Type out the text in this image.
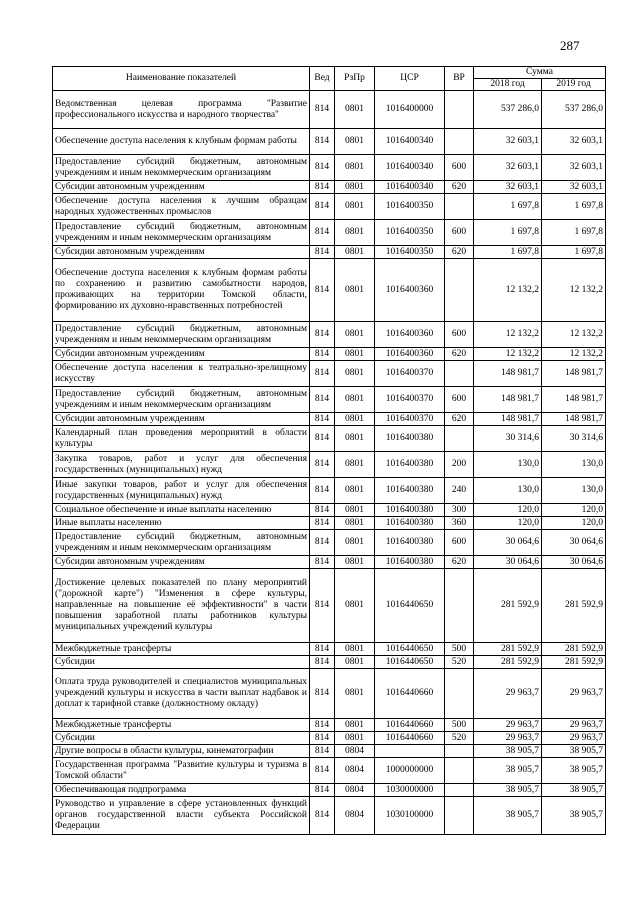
287
Наименование показателей	Вед	РзПр	ЦСР	ВР	Сумма	
					2018 год	2019 год
Ведомственная целевая программа "Развитие профессионального искусства и народного творчества"	814	0801	1016400000		537 286,0	537 286,0
Обеспечение доступа населения к клубным формам работы	814	0801	1016400340		32 603,1	32 603,1
Предоставление субсидий бюджетным, автономным учреждениям и иным некоммерческим организациям	814	0801	1016400340	600	32 603,1	32 603,1
Субсидии автономным учреждениям	814	0801	1016400340	620	32 603,1	32 603,1
Обеспечение доступа населения к лучшим образцам народных художественных промыслов	814	0801	1016400350		1 697,8	1 697,8
Предоставление субсидий бюджетным, автономным учреждениям и иным некоммерческим организациям	814	0801	1016400350	600	1 697,8	1 697,8
Субсидии автономным учреждениям	814	0801	1016400350	620	1 697,8	1 697,8
Обеспечение доступа населения к клубным формам работы по сохранению и развитию самобытности народов, проживающих на территории Томской области, формированию их духовно-нравственных потребностей	814	0801	1016400360		12 132,2	12 132,2
Предоставление субсидий бюджетным, автономным учреждениям и иным некоммерческим организациям	814	0801	1016400360	600	12 132,2	12 132,2
Субсидии автономным учреждениям	814	0801	1016400360	620	12 132,2	12 132,2
Обеспечение доступа населения к театрально-зрелищному искусству	814	0801	1016400370		148 981,7	148 981,7
Предоставление субсидий бюджетным, автономным учреждениям и иным некоммерческим организациям	814	0801	1016400370	600	148 981,7	148 981,7
Субсидии автономным учреждениям	814	0801	1016400370	620	148 981,7	148 981,7
Календарный план проведения мероприятий в области культуры	814	0801	1016400380		30 314,6	30 314,6
Закупка товаров, работ и услуг для обеспечения государственных (муниципальных) нужд	814	0801	1016400380	200	130,0	130,0
Иные закупки товаров, работ и услуг для обеспечения государственных (муниципальных) нужд	814	0801	1016400380	240	130,0	130,0
Социальное обеспечение и иные выплаты населению	814	0801	1016400380	300	120,0	120,0
Иные выплаты населению	814	0801	1016400380	360	120,0	120,0
Предоставление субсидий бюджетным, автономным учреждениям и иным некоммерческим организациям	814	0801	1016400380	600	30 064,6	30 064,6
Субсидии автономным учреждениям	814	0801	1016400380	620	30 064,6	30 064,6
Достижение целевых показателей по плану мероприятий ("дорожной карте") "Изменения в сфере культуры, направленные на повышение её эффективности" в части повышения заработной платы работников культуры муниципальных учреждений культуры	814	0801	1016440650		281 592,9	281 592,9
Межбюджетные трансферты	814	0801	1016440650	500	281 592,9	281 592,9
Субсидии	814	0801	1016440650	520	281 592,9	281 592,9
Оплата труда руководителей и специалистов муниципальных учреждений культуры и искусства в части выплат надбавок и доплат к тарифной ставке (должностному окладу)	814	0801	1016440660		29 963,7	29 963,7
Межбюджетные трансферты	814	0801	1016440660	500	29 963,7	29 963,7
Субсидии	814	0801	1016440660	520	29 963,7	29 963,7
Другие вопросы в области культуры, кинематографии	814	0804			38 905,7	38 905,7
Государственная программа "Развитие культуры и туризма в Томской области"	814	0804	1000000000		38 905,7	38 905,7
Обеспечивающая подпрограмма	814	0804	1030000000		38 905,7	38 905,7
Руководство и управление в сфере установленных функций органов государственной власти субъекта Российской Федерации	814	0804	1030100000		38 905,7	38 905,7
